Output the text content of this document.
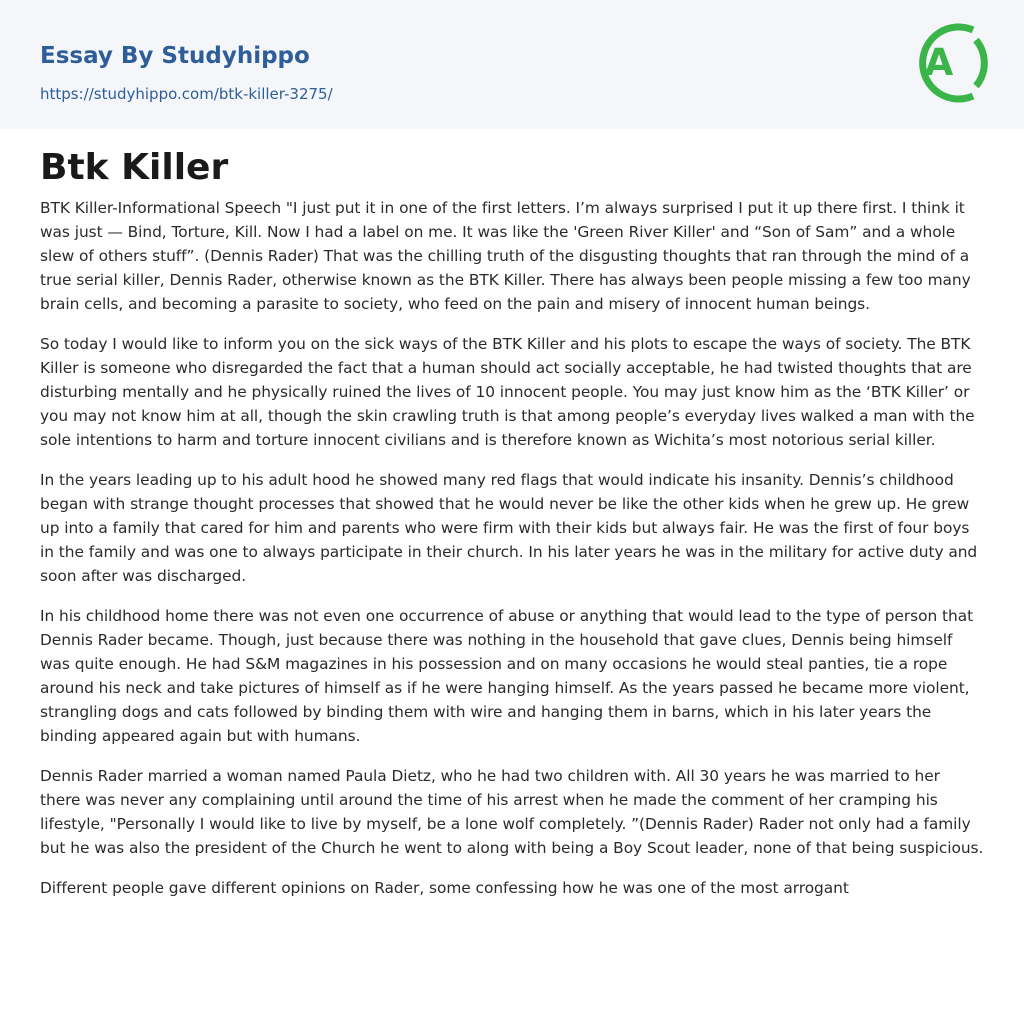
Essay By Studyhippo
https://studyhippo.com/btk-killer-3275/
A
Btk Killer

BTK Killer-Informational Speech "I just put it in one of the first letters. I’m always surprised I put it up there first. I think it was just — Bind, Torture, Kill. Now I had a label on me. It was like the 'Green River Killer' and “Son of Sam” and a whole slew of others stuff”. (Dennis Rader) That was the chilling truth of the disgusting thoughts that ran through the mind of a true serial killer, Dennis Rader, otherwise known as the BTK Killer. There has always been people missing a few too many brain cells, and becoming a parasite to society, who feed on the pain and misery of innocent human beings.

So today I would like to inform you on the sick ways of the BTK Killer and his plots to escape the ways of society. The BTK Killer is someone who disregarded the fact that a human should act socially acceptable, he had twisted thoughts that are disturbing mentally and he physically ruined the lives of 10 innocent people. You may just know him as the ‘BTK Killer’ or you may not know him at all, though the skin crawling truth is that among people’s everyday lives walked a man with the sole intentions to harm and torture innocent civilians and is therefore known as Wichita’s most notorious serial killer.

In the years leading up to his adult hood he showed many red flags that would indicate his insanity. Dennis’s childhood began with strange thought processes that showed that he would never be like the other kids when he grew up. He grew up into a family that cared for him and parents who were firm with their kids but always fair. He was the first of four boys in the family and was one to always participate in their church. In his later years he was in the military for active duty and soon after was discharged.

In his childhood home there was not even one occurrence of abuse or anything that would lead to the type of person that Dennis Rader became. Though, just because there was nothing in the household that gave clues, Dennis being himself was quite enough. He had S&M magazines in his possession and on many occasions he would steal panties, tie a rope around his neck and take pictures of himself as if he were hanging himself. As the years passed he became more violent, strangling dogs and cats followed by binding them with wire and hanging them in barns, which in his later years the binding appeared again but with humans.

Dennis Rader married a woman named Paula Dietz, who he had two children with. All 30 years he was married to her there was never any complaining until around the time of his arrest when he made the comment of her cramping his lifestyle, "Personally I would like to live by myself, be a lone wolf completely. ”(Dennis Rader) Rader not only had a family but he was also the president of the Church he went to along with being a Boy Scout leader, none of that being suspicious.

Different people gave different opinions on Rader, some confessing how he was one of the most arrogant
